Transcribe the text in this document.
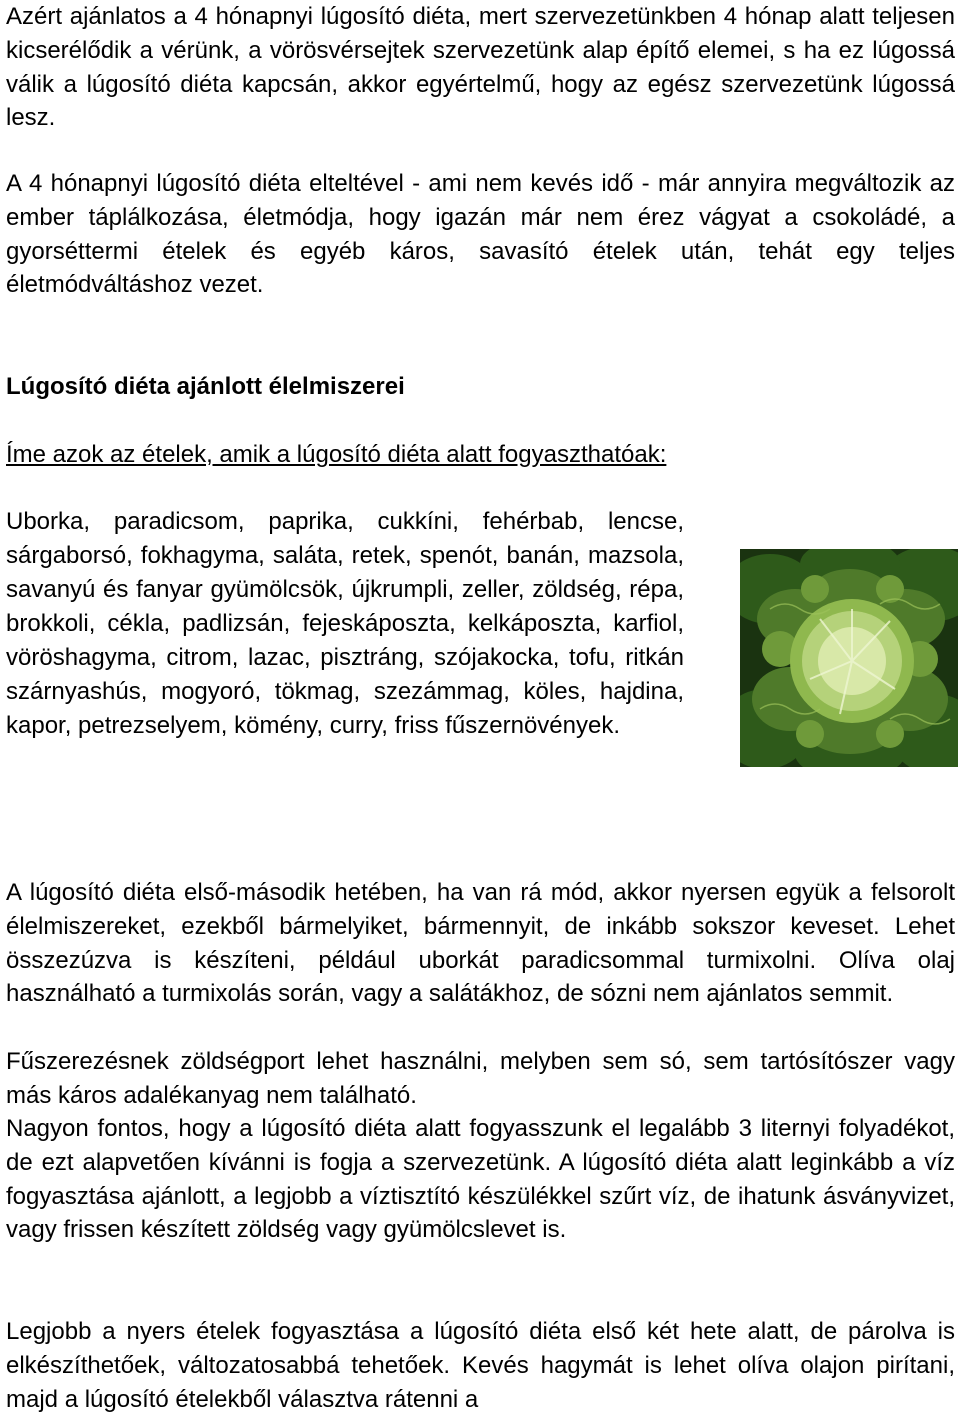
Azért ajánlatos a 4 hónapnyi lúgosító diéta, mert szervezetünkben 4 hónap alatt teljesen kicserélődik a vérünk, a vörösvérsejtek szervezetünk alap építő elemei, s ha ez lúgossá válik a lúgosító diéta kapcsán, akkor egyértelmű, hogy az egész szervezetünk lúgossá lesz.

A 4 hónapnyi lúgosító diéta elteltével - ami nem kevés idő - már annyira megváltozik az ember táplálkozása, életmódja, hogy igazán már nem érez vágyat a csokoládé, a gyorséttermi ételek és egyéb káros, savasító ételek után, tehát egy teljes életmódváltáshoz vezet.

Lúgosító diéta ajánlott élelmiszerei

Íme azok az ételek, amik a lúgosító diéta alatt fogyaszthatóak:

Uborka, paradicsom, paprika, cukkíni, fehérbab, lencse, sárgaborsó, fokhagyma, saláta, retek, spenót, banán, mazsola, savanyú és fanyar gyümölcsök, újkrumpli, zeller, zöldség, répa, brokkoli, cékla, padlizsán, fejeskáposzta, kelkáposzta, karfiol, vöröshagyma, citrom, lazac, pisztráng, szójakocka, tofu, ritkán szárnyashús, mogyoró, tökmag, szezámmag, köles, hajdina, kapor, petrezselyem, kömény, curry, friss fűszernövények.

A lúgosító diéta első-második hetében, ha van rá mód, akkor nyersen együk a felsorolt élelmiszereket, ezekből bármelyiket, bármennyit, de inkább sokszor keveset. Lehet összezúzva is készíteni, például uborkát paradicsommal turmixolni. Olíva olaj használható a turmixolás során, vagy a salátákhoz, de sózni nem ajánlatos semmit.

Fűszerezésnek zöldségport lehet használni, melyben sem só, sem tartósítószer vagy más káros adalékanyag nem található.

Nagyon fontos, hogy a lúgosító diéta alatt fogyasszunk el legalább 3 liternyi folyadékot, de ezt alapvetően kívánni is fogja a szervezetünk. A lúgosító diéta alatt leginkább a víz fogyasztása ajánlott, a legjobb a víztisztító készülékkel szűrt víz, de ihatunk ásványvizet, vagy frissen készített zöldség vagy gyümölcslevet is.

Legjobb a nyers ételek fogyasztása a lúgosító diéta első két hete alatt, de párolva is elkészíthetőek, változatosabbá tehetőek. Kevés hagymát is lehet olíva olajon pirítani, majd a lúgosító ételekből választva rátenni a
